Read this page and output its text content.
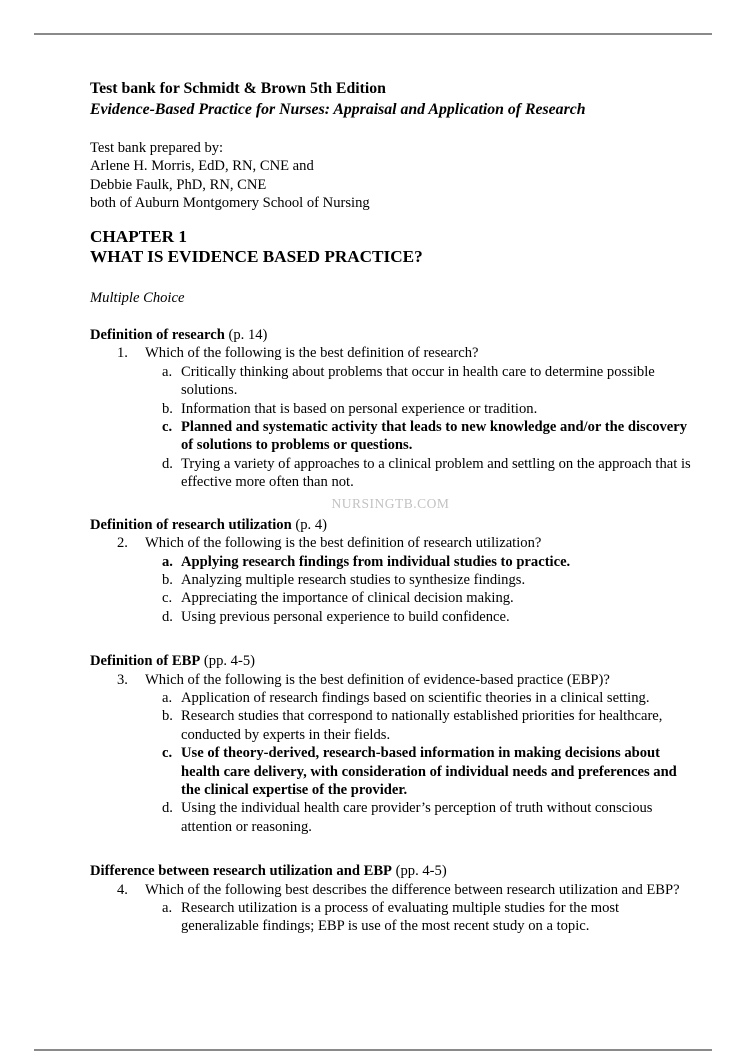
Test bank for Schmidt & Brown 5th Edition
Evidence-Based Practice for Nurses: Appraisal and Application of Research
Test bank prepared by:
Arlene H. Morris, EdD, RN, CNE and
Debbie Faulk, PhD, RN, CNE
both of Auburn Montgomery School of Nursing
CHAPTER 1
WHAT IS EVIDENCE BASED PRACTICE?
Multiple Choice
Definition of research (p. 14)
1.	Which of the following is the best definition of research?
a. Critically thinking about problems that occur in health care to determine possible solutions.
b. Information that is based on personal experience or tradition.
c. Planned and systematic activity that leads to new knowledge and/or the discovery of solutions to problems or questions.
d. Trying a variety of approaches to a clinical problem and settling on the approach that is effective more often than not.
NURSINGTB.COM
Definition of research utilization (p. 4)
2.	Which of the following is the best definition of research utilization?
a. Applying research findings from individual studies to practice.
b. Analyzing multiple research studies to synthesize findings.
c. Appreciating the importance of clinical decision making.
d. Using previous personal experience to build confidence.
Definition of EBP (pp. 4-5)
3.	Which of the following is the best definition of evidence-based practice (EBP)?
a. Application of research findings based on scientific theories in a clinical setting.
b. Research studies that correspond to nationally established priorities for healthcare, conducted by experts in their fields.
c. Use of theory-derived, research-based information in making decisions about health care delivery, with consideration of individual needs and preferences and the clinical expertise of the provider.
d. Using the individual health care provider’s perception of truth without conscious attention or reasoning.
Difference between research utilization and EBP (pp. 4-5)
4.	Which of the following best describes the difference between research utilization and EBP?
a. Research utilization is a process of evaluating multiple studies for the most generalizable findings; EBP is use of the most recent study on a topic.
